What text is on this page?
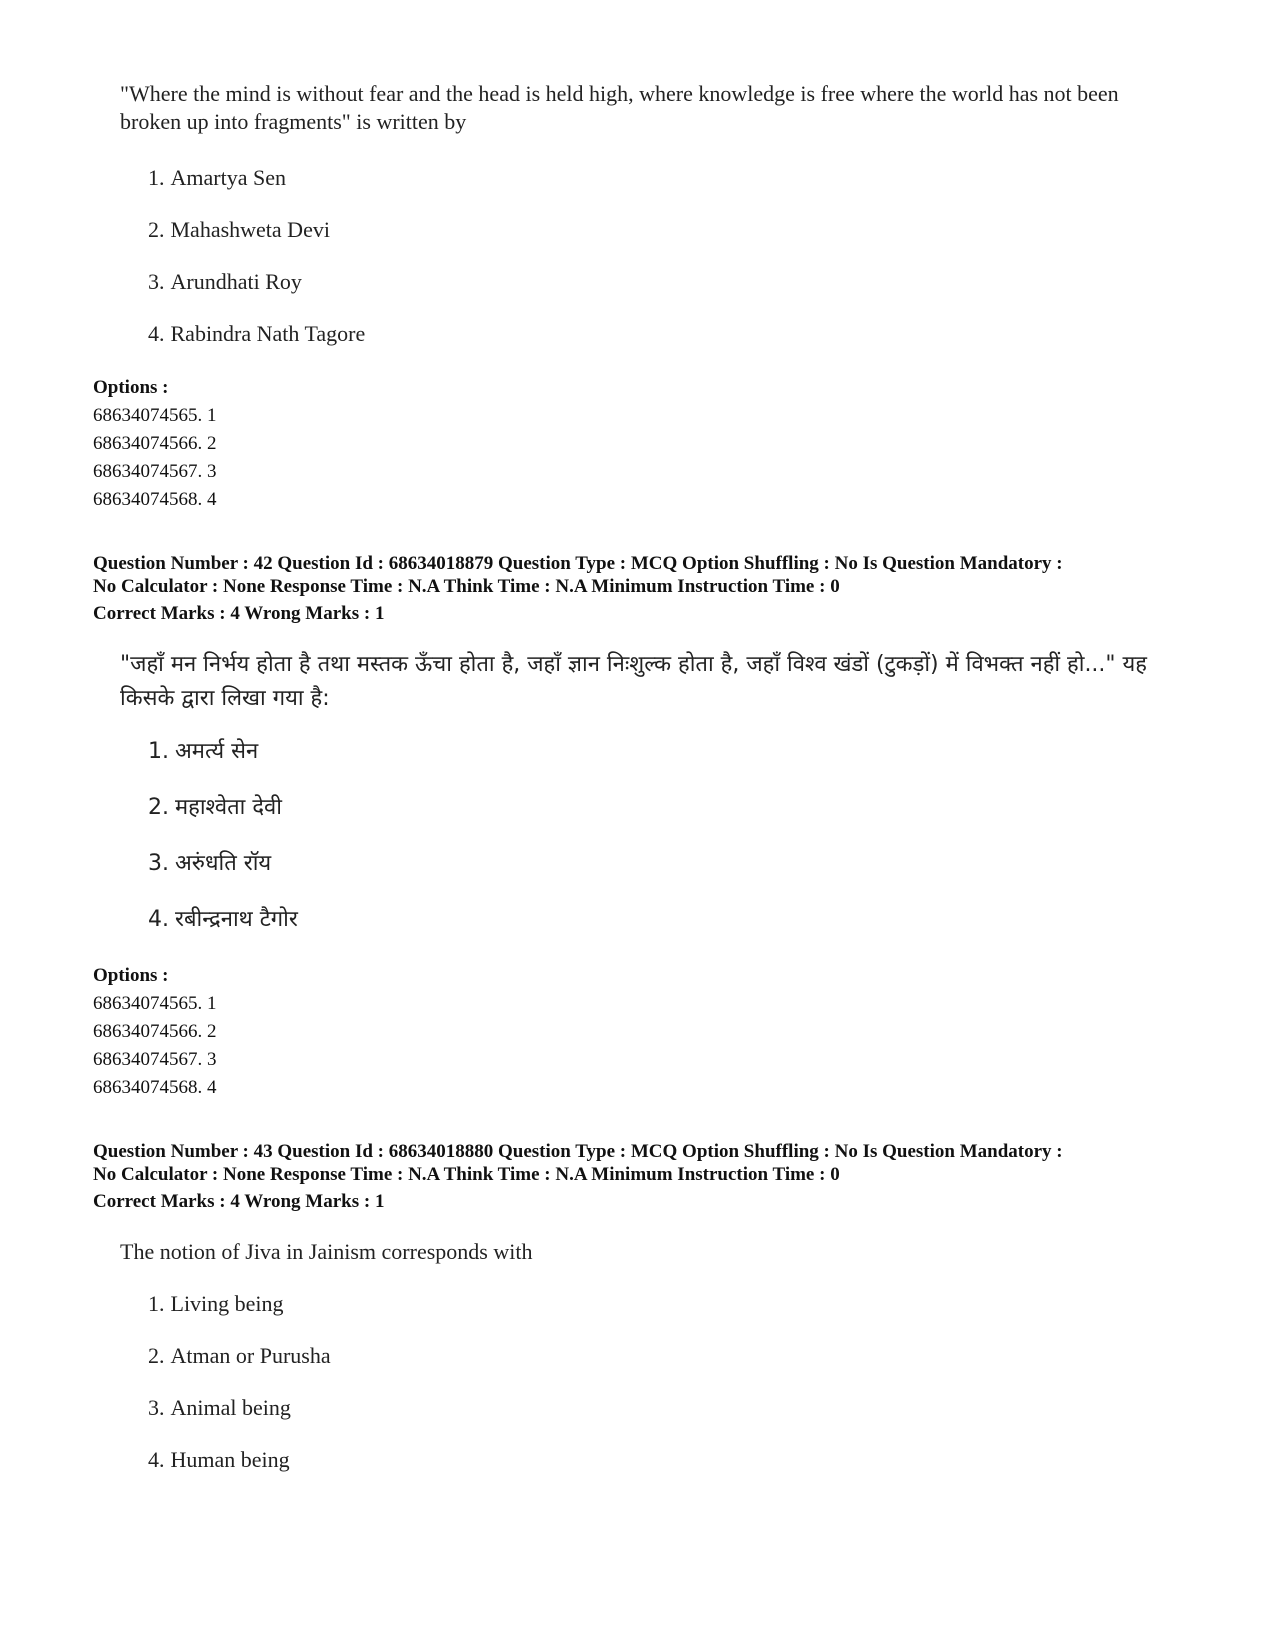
"Where the mind is without fear and the head is held high, where knowledge is free where the world has not been broken up into fragments" is written by
1. Amartya Sen
2. Mahashweta Devi
3. Arundhati Roy
4. Rabindra Nath Tagore
Options :
68634074565. 1
68634074566. 2
68634074567. 3
68634074568. 4
Question Number : 42 Question Id : 68634018879 Question Type : MCQ Option Shuffling : No Is Question Mandatory :
No Calculator : None Response Time : N.A Think Time : N.A Minimum Instruction Time : 0
Correct Marks : 4 Wrong Marks : 1
"जहाँ मन निर्भय होता है तथा मस्तक ऊँचा होता है, जहाँ ज्ञान निःशुल्क होता है, जहाँ विश्व खंडों (टुकड़ों) में विभक्त नहीं हो..." यह किसके द्वारा लिखा गया है:
1. अमर्त्य सेन
2. महाश्वेता देवी
3. अरुंधति रॉय
4. रबीन्द्रनाथ टैगोर
Options :
68634074565. 1
68634074566. 2
68634074567. 3
68634074568. 4
Question Number : 43 Question Id : 68634018880 Question Type : MCQ Option Shuffling : No Is Question Mandatory :
No Calculator : None Response Time : N.A Think Time : N.A Minimum Instruction Time : 0
Correct Marks : 4 Wrong Marks : 1
The notion of Jiva in Jainism corresponds with
1. Living being
2. Atman or Purusha
3. Animal being
4. Human being
